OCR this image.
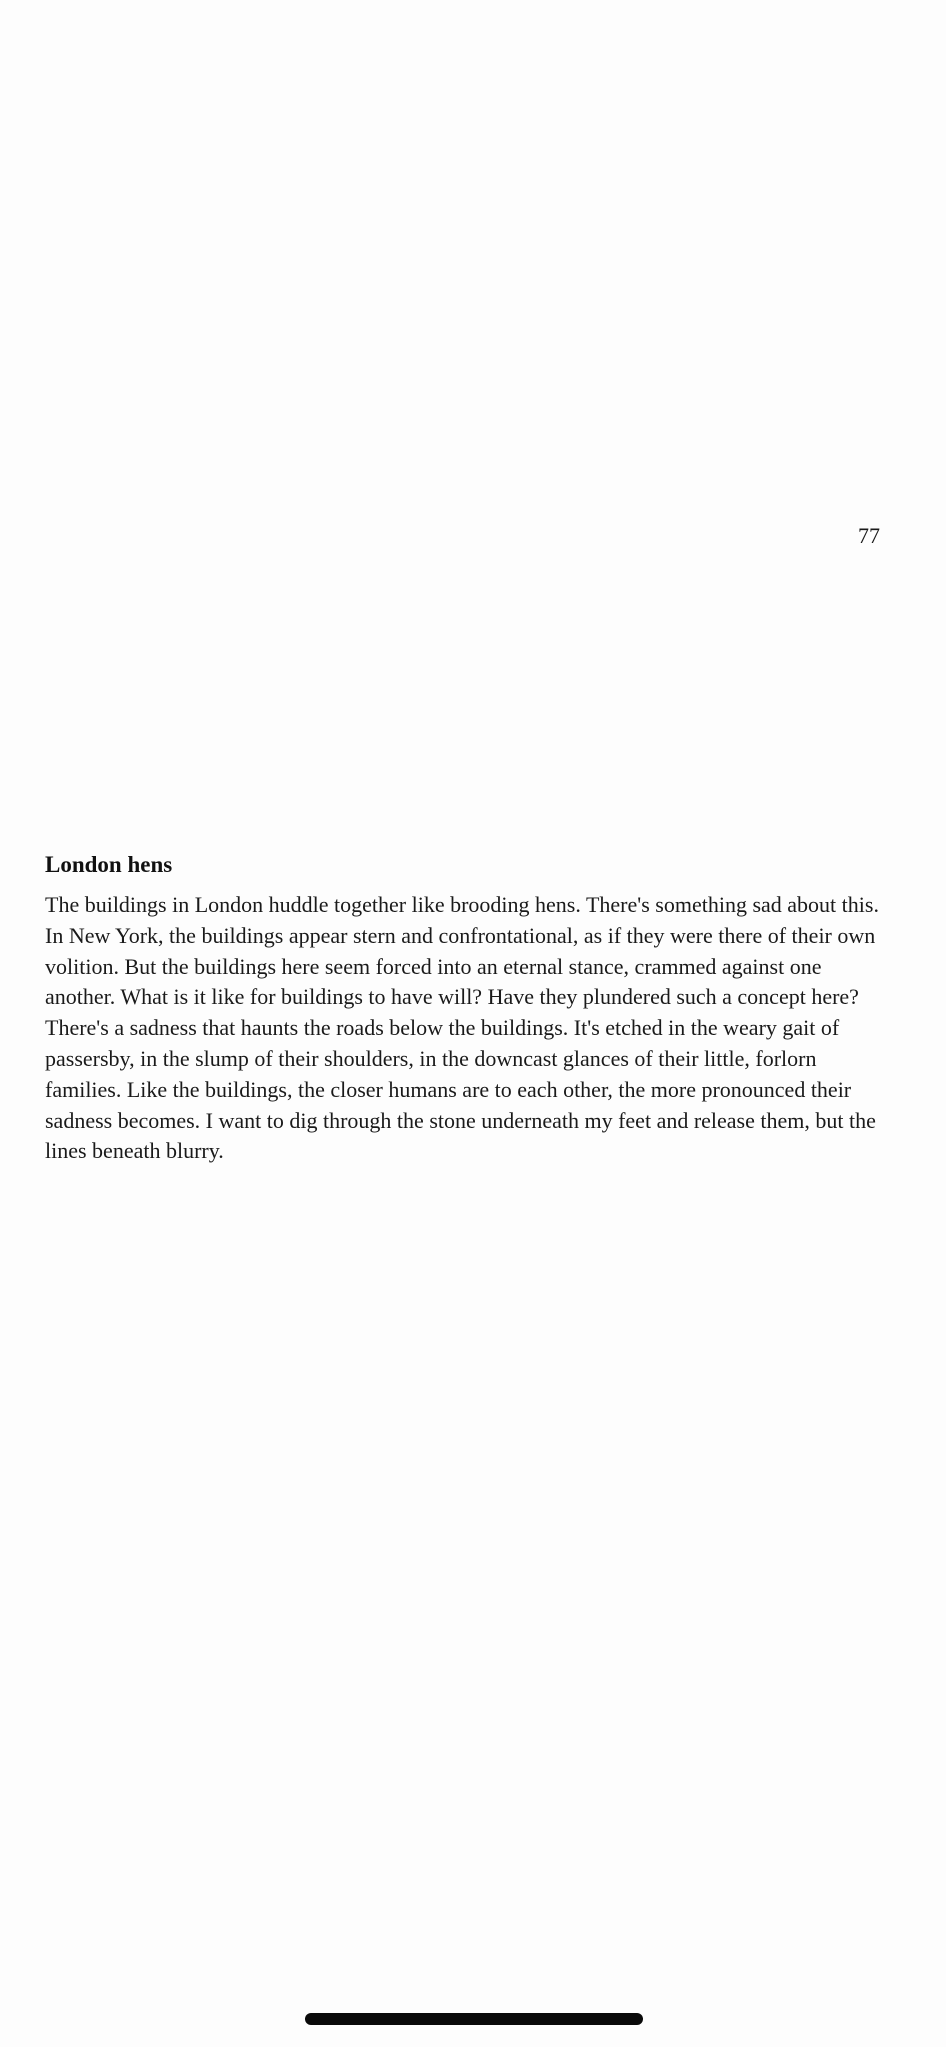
77
London hens

The buildings in London huddle together like brooding hens. There's something sad about this. In New York, the buildings appear stern and confrontational, as if they were there of their own volition. But the buildings here seem forced into an eternal stance, crammed against one another. What is it like for buildings to have will? Have they plundered such a concept here? There's a sadness that haunts the roads below the buildings. It's etched in the weary gait of passersby, in the slump of their shoulders, in the downcast glances of their little, forlorn families. Like the buildings, the closer humans are to each other, the more pronounced their sadness becomes. I want to dig through the stone underneath my feet and release them, but the lines beneath blurry.
